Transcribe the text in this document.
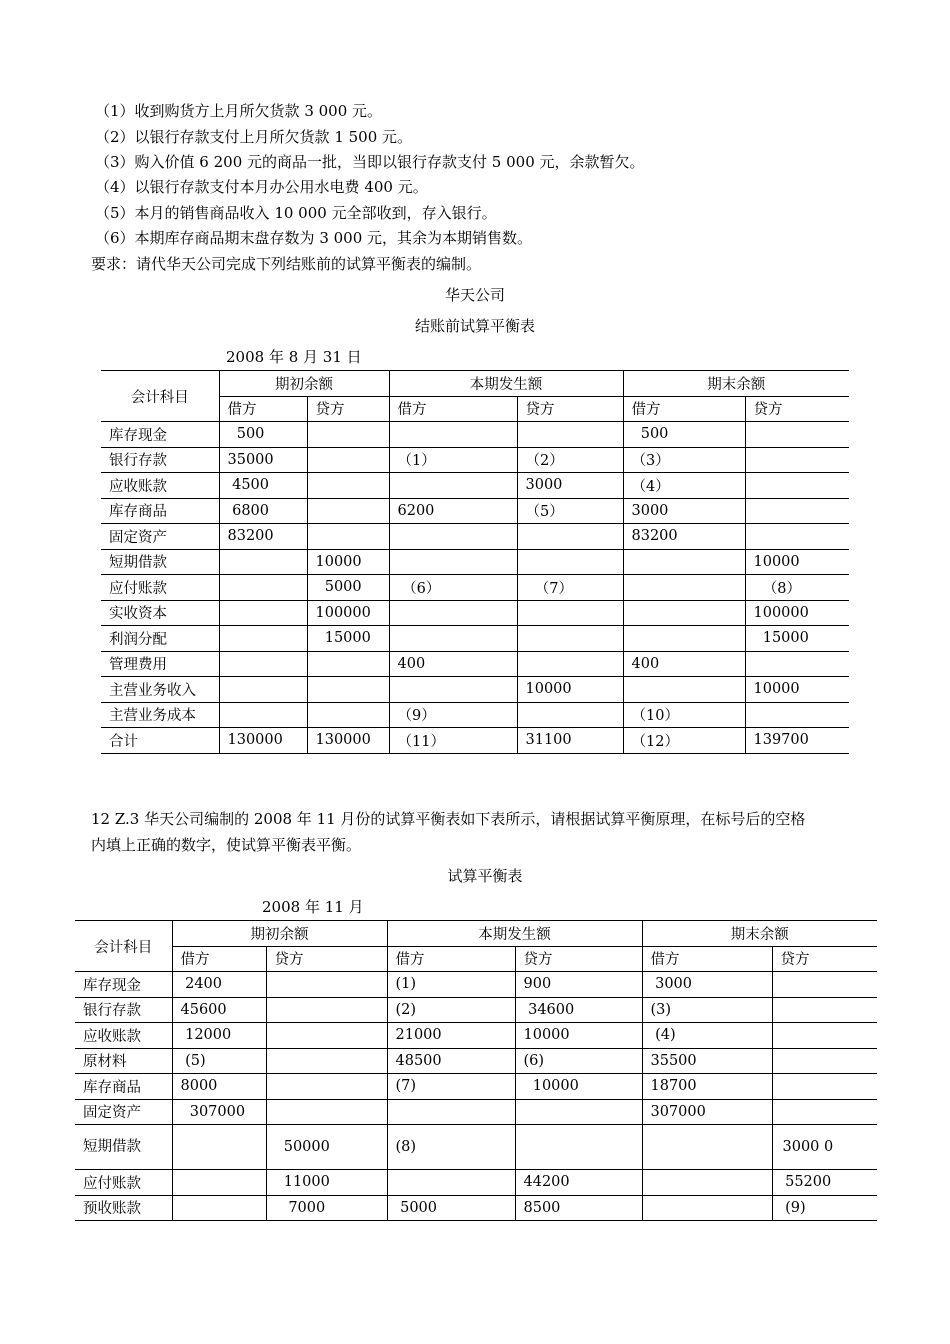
（1）收到购货方上月所欠货款 3 000 元。
（2）以银行存款支付上月所欠货款 1 500 元。
（3）购入价值 6 200 元的商品一批，当即以银行存款支付 5 000 元，余款暂欠。
（4）以银行存款支付本月办公用水电费 400 元。
（5）本月的销售商品收入 10 000 元全部收到，存入银行。
（6）本期库存商品期末盘存数为 3 000 元，其余为本期销售数。
要求：请代华天公司完成下列结账前的试算平衡表的编制。
华天公司
结账前试算平衡表
2008 年 8 月 31 日
会计科目	期初余额		本期发生额		期末余额	
	借方	贷方	借方	贷方	借方	贷方
库存现金	500				500	
银行存款	35000		（1）	（2）	（3）	
应收账款	4500			3000	（4）	
库存商品	6800		6200	（5）	3000	
固定资产	83200				83200	
短期借款		10000				10000
应付账款		5000	（6）	（7）		（8）
实收资本		100000				100000
利润分配		15000				15000
管理费用			400		400	
主营业务收入				10000		10000
主营业务成本			（9）		（10）	
合计	130000	130000	（11）	31100	（12）	139700
12 Z.3 华天公司编制的 2008 年 11 月份的试算平衡表如下表所示，请根据试算平衡原理，在标号后的空格
内填上正确的数字，使试算平衡表平衡。
试算平衡表
2008 年 11 月
会计科目	期初余额		本期发生额		期末余额	
	借方	贷方	借方	贷方	借方	贷方
库存现金	2400		(1)	900	3000	
银行存款	45600		(2)	34600	(3)	
应收账款	12000		21000	10000	(4)	
原材料	(5)		48500	(6)	35500	
库存商品	8000		(7)	10000	18700	
固定资产	307000				307000	
短期借款		50000	(8)			3000 0
应付账款		11000		44200		55200
预收账款		7000	5000	8500		(9)
